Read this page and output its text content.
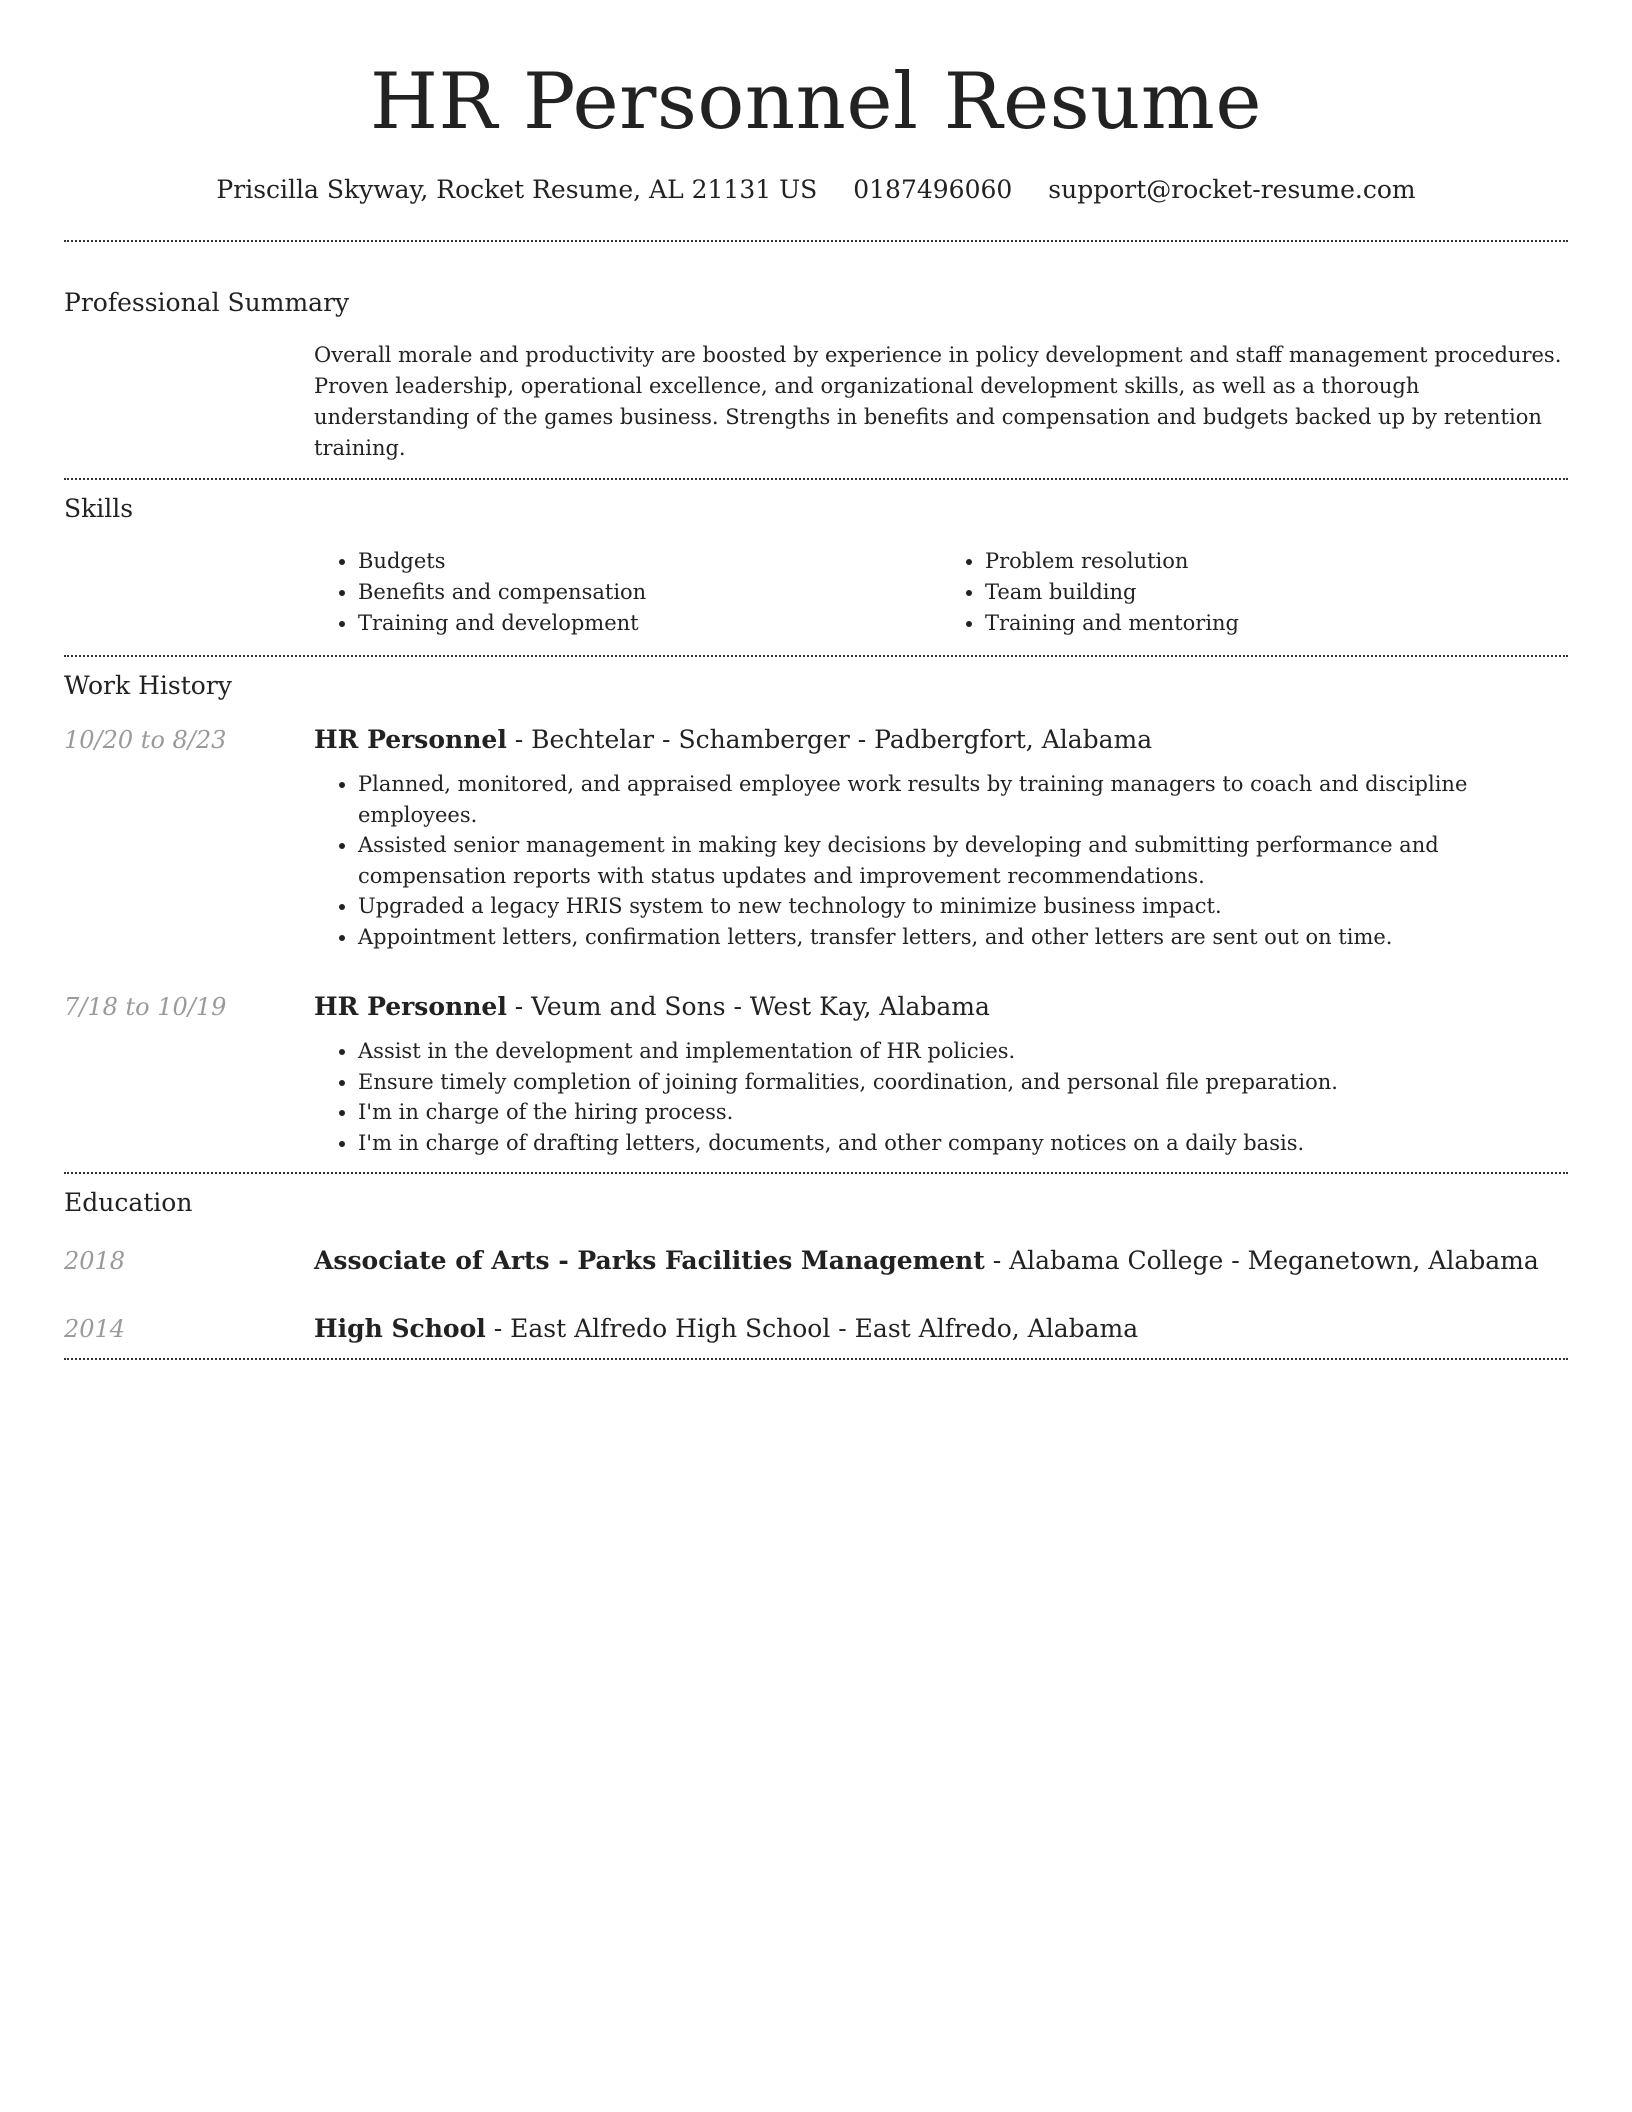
HR Personnel Resume
Priscilla Skyway, Rocket Resume, AL 21131 US 0187496060 support@rocket-resume.com
Professional Summary

Overall morale and productivity are boosted by experience in policy development and staff management procedures. Proven leadership, operational excellence, and organizational development skills, as well as a thorough understanding of the games business. Strengths in benefits and compensation and budgets backed up by retention training.

Skills
• Budgets
• Benefits and compensation
• Training and development
• Problem resolution
• Team building
• Training and mentoring
Work History
10/20 to 8/23	HR Personnel - Bechtelar - Schamberger - Padbergfort, Alabama
• Planned, monitored, and appraised employee work results by training managers to coach and discipline employees.
• Assisted senior management in making key decisions by developing and submitting performance and compensation reports with status updates and improvement recommendations.
• Upgraded a legacy HRIS system to new technology to minimize business impact.
• Appointment letters, confirmation letters, transfer letters, and other letters are sent out on time.
7/18 to 10/19	HR Personnel - Veum and Sons - West Kay, Alabama
• Assist in the development and implementation of HR policies.
• Ensure timely completion of joining formalities, coordination, and personal file preparation.
• I'm in charge of the hiring process.
• I'm in charge of drafting letters, documents, and other company notices on a daily basis.
Education
2018	Associate of Arts - Parks Facilities Management - Alabama College - Meganetown, Alabama
2014	High School - East Alfredo High School - East Alfredo, Alabama
